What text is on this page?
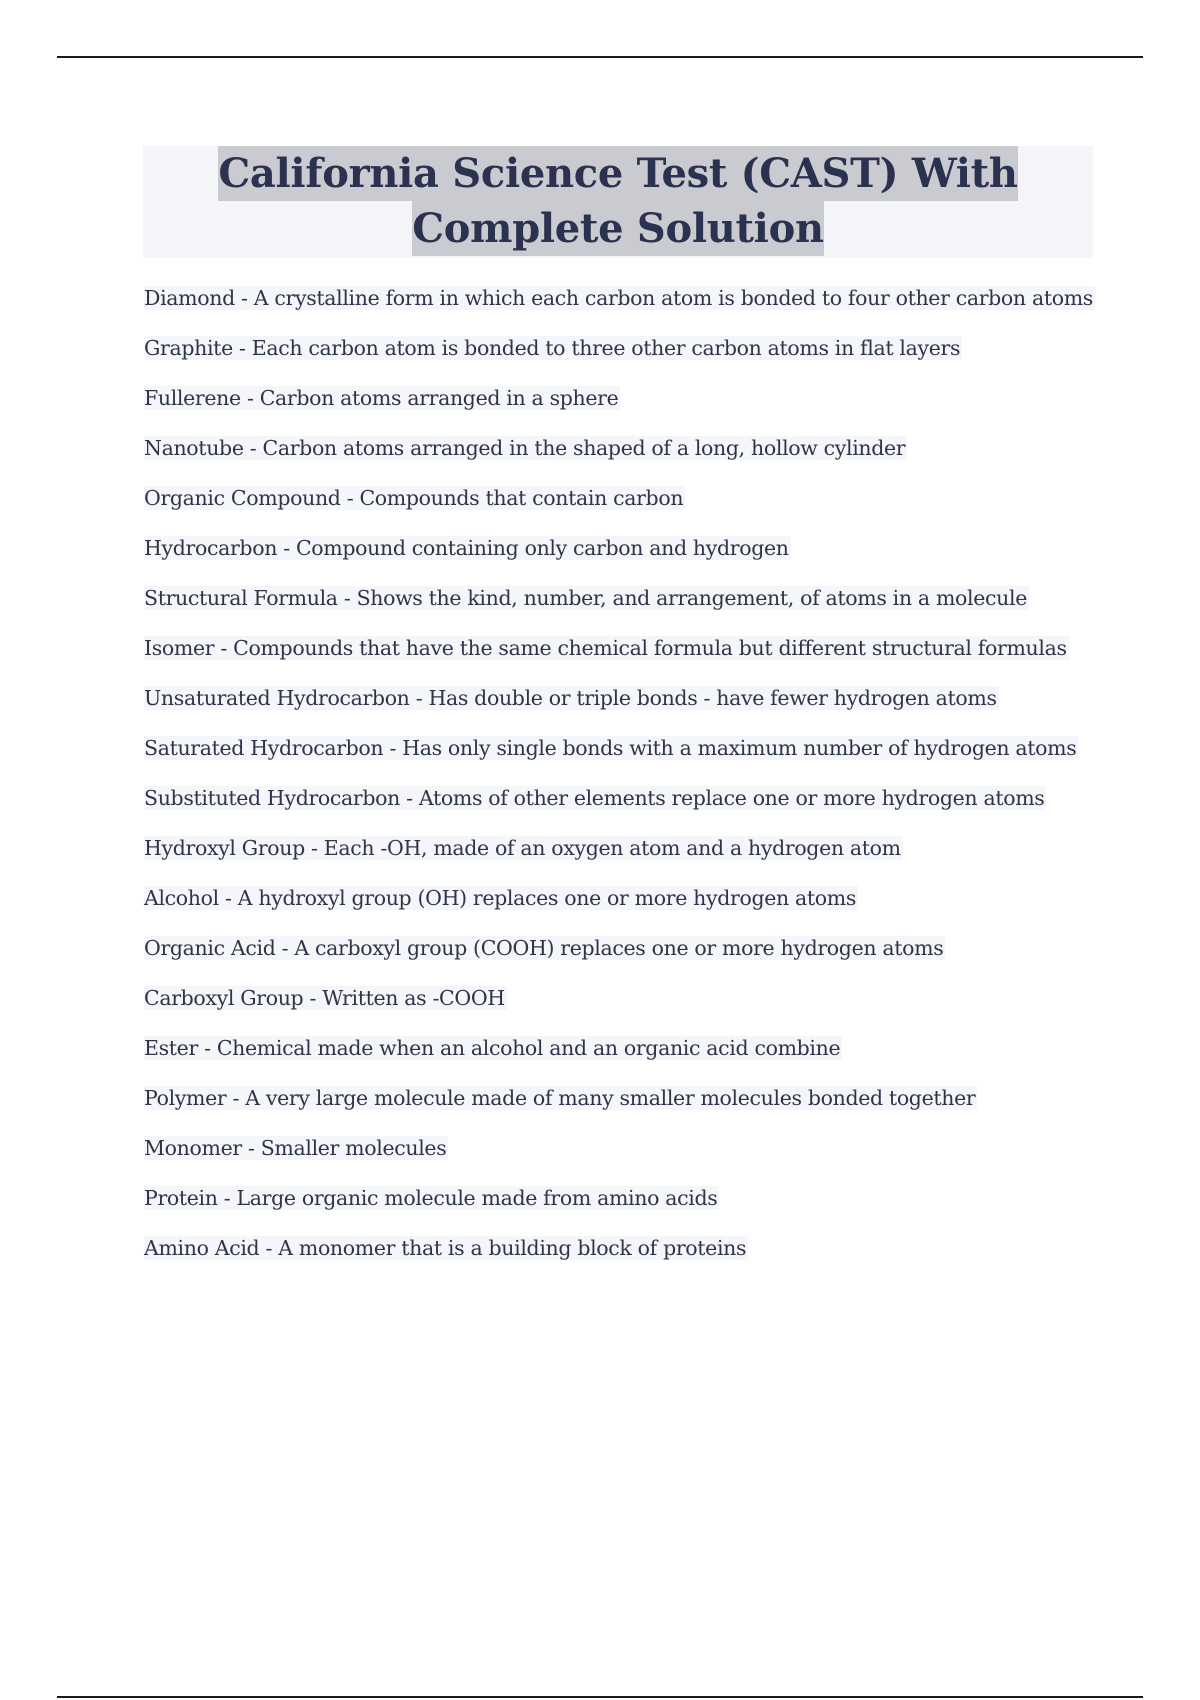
California Science Test (CAST) With
Complete Solution
Diamond - A crystalline form in which each carbon atom is bonded to four other carbon atoms
Graphite - Each carbon atom is bonded to three other carbon atoms in flat layers
Fullerene - Carbon atoms arranged in a sphere
Nanotube - Carbon atoms arranged in the shaped of a long, hollow cylinder
Organic Compound - Compounds that contain carbon
Hydrocarbon - Compound containing only carbon and hydrogen
Structural Formula - Shows the kind, number, and arrangement, of atoms in a molecule
Isomer - Compounds that have the same chemical formula but different structural formulas
Unsaturated Hydrocarbon - Has double or triple bonds - have fewer hydrogen atoms
Saturated Hydrocarbon - Has only single bonds with a maximum number of hydrogen atoms
Substituted Hydrocarbon - Atoms of other elements replace one or more hydrogen atoms
Hydroxyl Group - Each -OH, made of an oxygen atom and a hydrogen atom
Alcohol - A hydroxyl group (OH) replaces one or more hydrogen atoms
Organic Acid - A carboxyl group (COOH) replaces one or more hydrogen atoms
Carboxyl Group - Written as -COOH
Ester - Chemical made when an alcohol and an organic acid combine
Polymer - A very large molecule made of many smaller molecules bonded together
Monomer - Smaller molecules
Protein - Large organic molecule made from amino acids
Amino Acid - A monomer that is a building block of proteins
